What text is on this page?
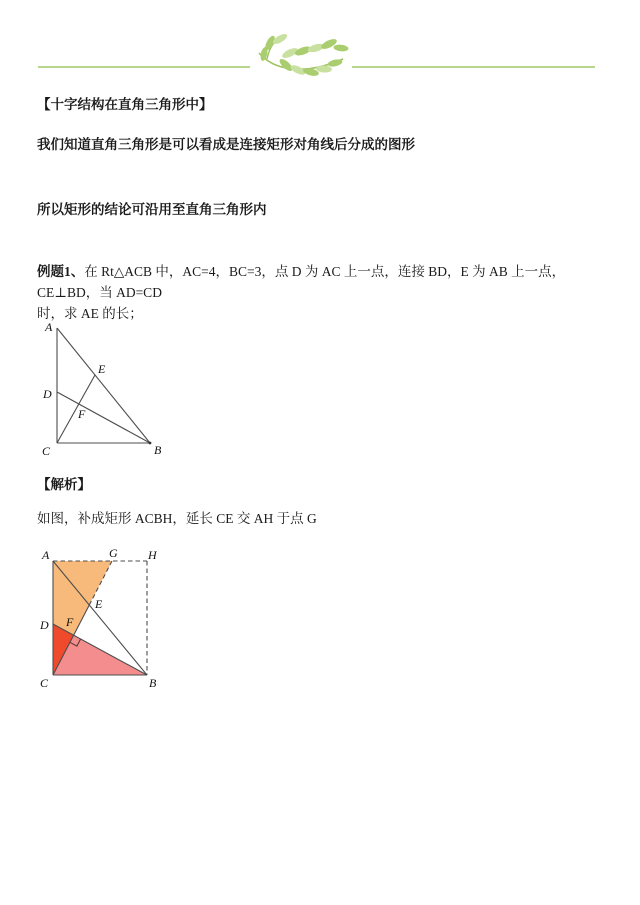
【十字结构在直角三角形中】
我们知道直角三角形是可以看成是连接矩形对角线后分成的图形
所以矩形的结论可沿用至直角三角形内
例题1、在 Rt△ACB 中，AC=4，BC=3，点 D 为 AC 上一点，连接 BD，E 为 AB 上一点，CE⊥BD，当 AD=CD
时，求 AE 的长；
A
D
E
F
C	B
【解析】
如图，补成矩形 ACBH，延长 CE 交 AH 于点 G
A	G	H
D
E
F
C	B
